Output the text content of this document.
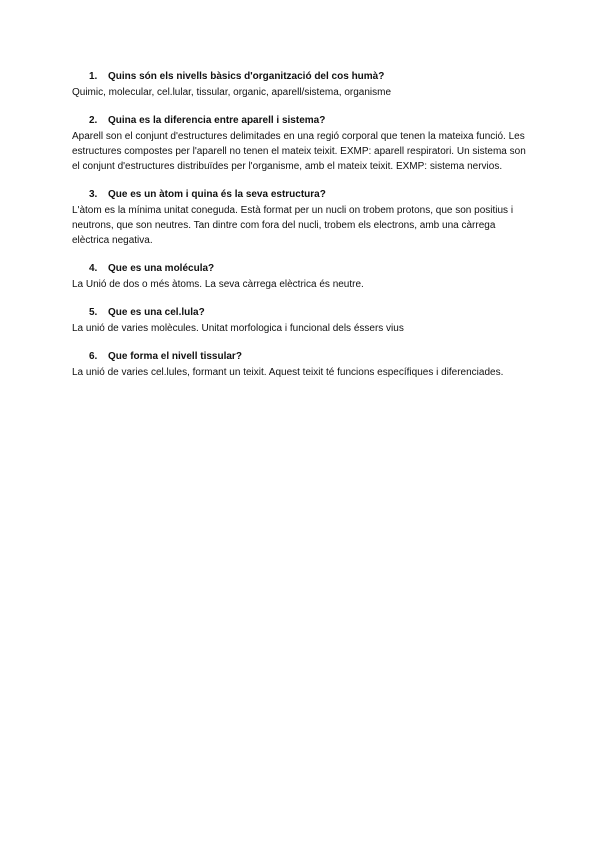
1.	Quins són els nivells bàsics d'organització del cos humà?

Quimic, molecular, cel.lular, tissular, organic, aparell/sistema, organisme

2.	Quina es la diferencia entre aparell i sistema?

Aparell son el conjunt d'estructures delimitades en una regió corporal que tenen la mateixa funció. Les estructures compostes per l'aparell no tenen el mateix teixit. EXMP: aparell respiratori. Un sistema son el conjunt d'estructures distribuïdes per l'organisme, amb el mateix teixit. EXMP: sistema nervios.

3.	Que es un àtom i quina és la seva estructura?

L'àtom es la mínima unitat coneguda. Està format per un nucli on trobem protons, que son positius i neutrons, que son neutres. Tan dintre com fora del nucli, trobem els electrons, amb una càrrega elèctrica negativa.

4.	Que es una molécula?

La Unió de dos o més àtoms. La seva càrrega elèctrica és neutre.

5.	Que es una cel.lula?

La unió de varies molècules. Unitat morfologica i funcional dels éssers vius

6.	Que forma el nivell tissular?

La unió de varies cel.lules, formant un teixit. Aquest teixit té funcions específiques i diferenciades.
